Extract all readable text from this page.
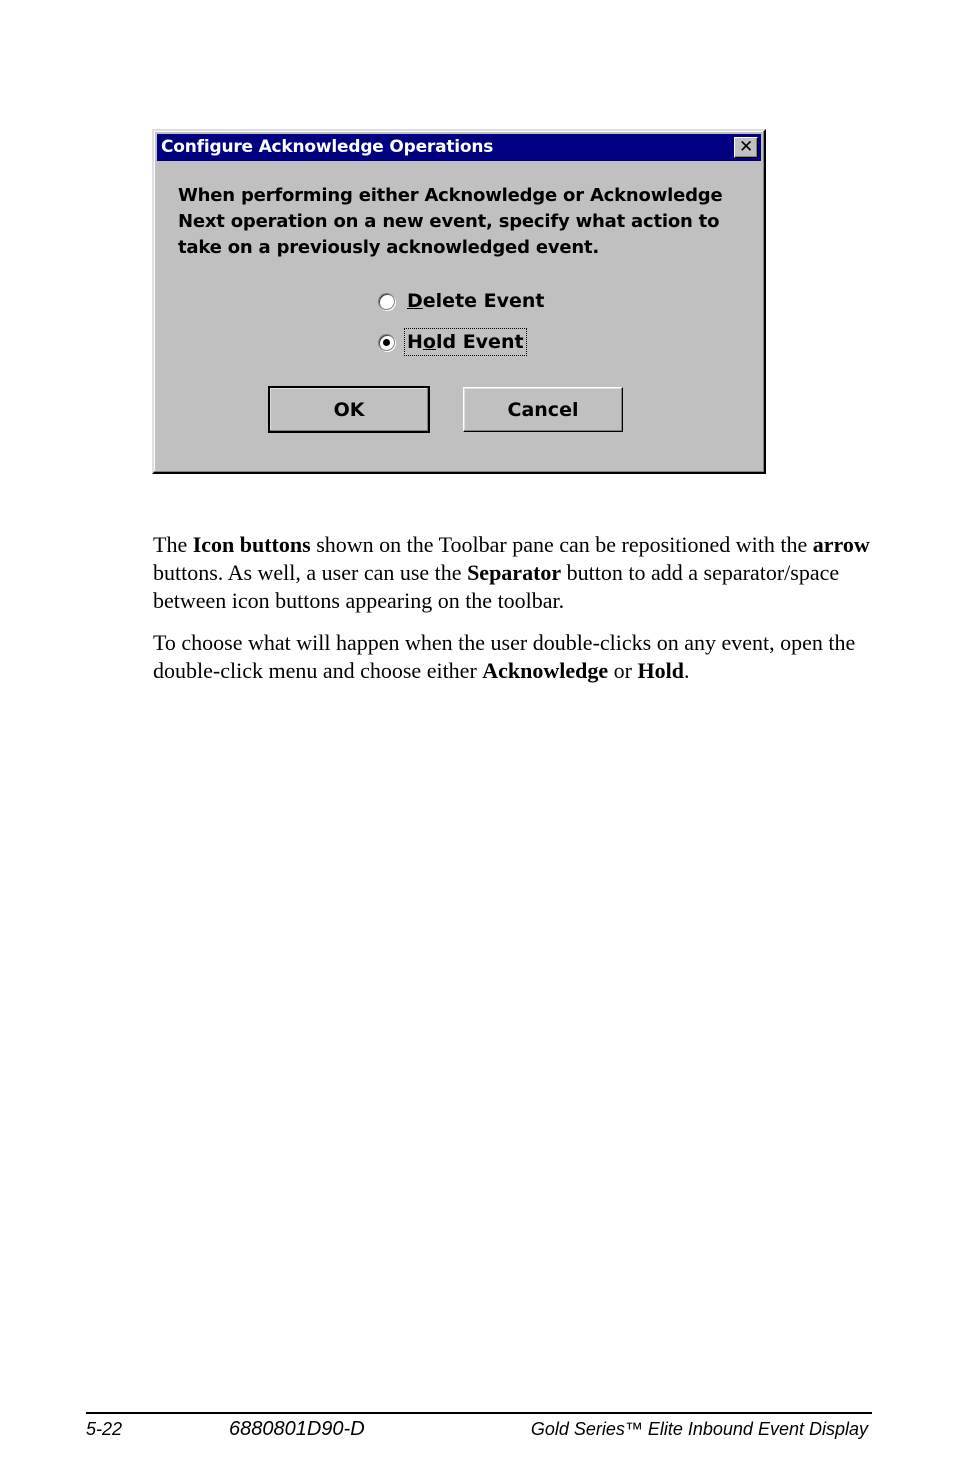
Configure Acknowledge Operations	✕
When performing either Acknowledge or Acknowledge
Next operation on a new event, specify what action to
take on a previously acknowledged event.
Delete Event
Hold Event
OK	Cancel

The Icon buttons shown on the Toolbar pane can be repositioned with the arrow buttons. As well, a user can use the Separator button to add a separator/space between icon buttons appearing on the toolbar.

To choose what will happen when the user double-clicks on any event, open the double-click menu and choose either Acknowledge or Hold.

5-22	6880801D90-D	Gold Series™ Elite Inbound Event Display
